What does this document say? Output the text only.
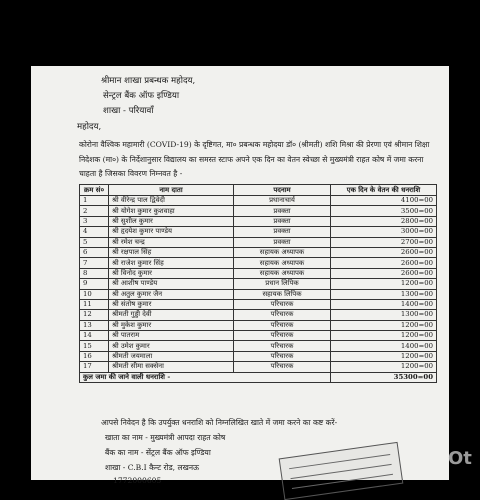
श्रीमान शाखा प्रबन्धक महोदय,
सेन्ट्रल बैंक ऑफ इण्डिया
शाखा - परियावाँ
महोदय,
कोरोना वैश्विक महामारी (COVID-19) के दृष्टिगत, मा० प्रबन्धक महोदया डॉ० (श्रीमती) शशि मिश्रा की प्रेरणा एवं श्रीमान शिक्षा निदेशक (मा०) के निर्देशानुसार विद्यालय का समस्त स्टाफ अपने एक दिन का वेतन स्वेच्छा से मुख्यमंत्री राहत कोष में जमा करना चाहता है जिसका विवरण निम्नवत है -
क्रम सं०	नाम दाता	पदनाम	एक दिन के वेतन की धनराशि
1	श्री वीरेन्द्र पाल द्विवेदी	प्रधानाचार्य	4100=00
2	श्री योगेश कुमार कुशवाहा	प्रवक्ता	3500=00
3	श्री सुशील कुमार	प्रवक्ता	2800=00
4	श्री हृदयेश कुमार पाण्डेय	प्रवक्ता	3000=00
5	श्री रमेश चन्द्र	प्रवक्ता	2700=00
6	श्री रक्षपाल सिंह	सहायक अध्यापक	2600=00
7	श्री राजेश कुमार सिंह	सहायक अध्यापक	2600=00
8	श्री विनोद कुमार	सहायक अध्यापक	2600=00
9	श्री आशीष पाण्डेय	प्रधान लिपिक	1200=00
10	श्री अतुल कुमार जैन	सहायक लिपिक	1300=00
11	श्री संतोष कुमार	परिचारक	1400=00
12	श्रीमती गुड्डी देवी	परिचारक	1300=00
13	श्री मुकेश कुमार	परिचारक	1200=00
14	श्री पातराम	परिचारक	1200=00
15	श्री उमेश कुमार	परिचारक	1400=00
16	श्रीमती जयमाला	परिचारक	1200=00
17	श्रीमती सीमा सक्सेना	परिचारक	1200=00
कुल जमा की जाने वाली धनराशि -			35300=00
आपसे निवेदन है कि उपर्युक्त धनराशि को निम्नलिखित खाते में जमा करने का कष्ट करें-
खाता का नाम - मुख्यमंत्री आपदा राहत कोष
बैंक का नाम - सेंट्रल बैंक ऑफ इण्डिया
शाखा - C.B.I कैन्ट रोड, लखनऊ
1772000605
Ot
